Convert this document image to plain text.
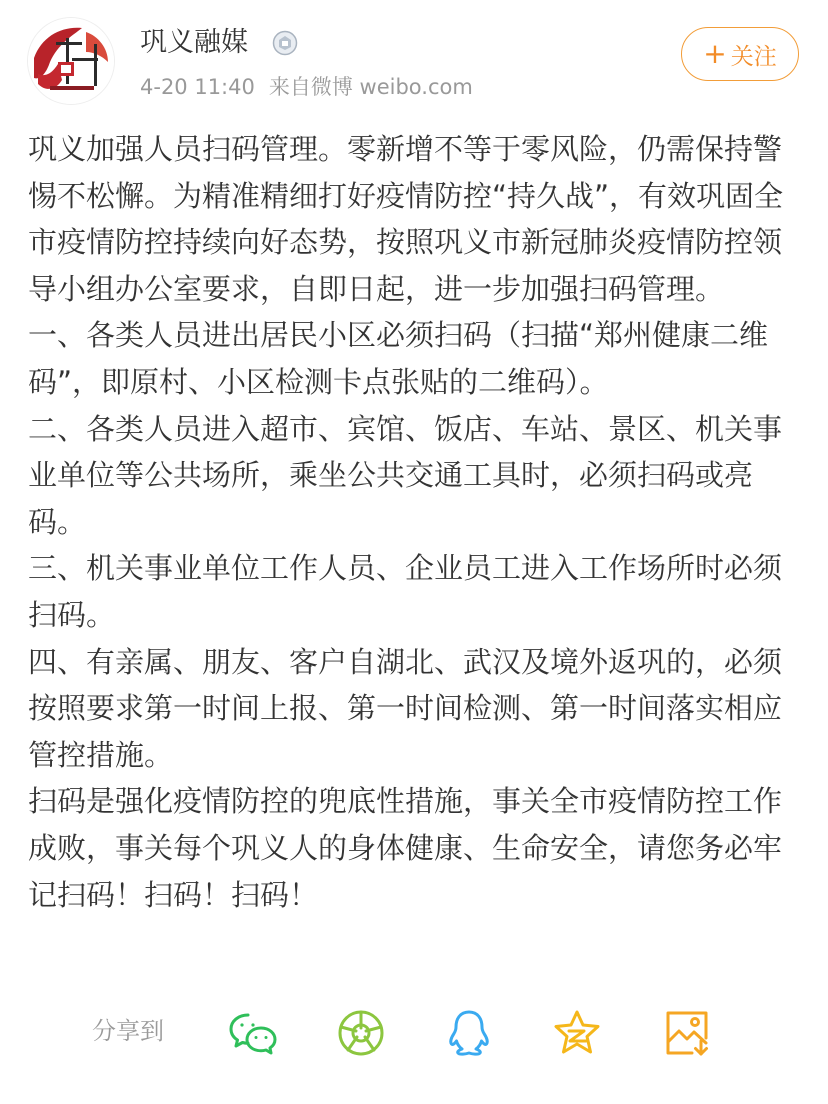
巩义融媒
4-20 11:40 来自微博 weibo.com
+ 关注

巩义加强人员扫码管理。零新增不等于零风险，仍需保持警惕不松懈。为精准精细打好疫情防控“持久战”，有效巩固全市疫情防控持续向好态势，按照巩义市新冠肺炎疫情防控领导小组办公室要求，自即日起，进一步加强扫码管理。

一、各类人员进出居民小区必须扫码（扫描“郑州健康二维码”，即原村、小区检测卡点张贴的二维码）。

二、各类人员进入超市、宾馆、饭店、车站、景区、机关事业单位等公共场所，乘坐公共交通工具时，必须扫码或亮码。

三、机关事业单位工作人员、企业员工进入工作场所时必须扫码。

四、有亲属、朋友、客户自湖北、武汉及境外返巩的，必须按照要求第一时间上报、第一时间检测、第一时间落实相应管控措施。

扫码是强化疫情防控的兜底性措施，事关全市疫情防控工作成败，事关每个巩义人的身体健康、生命安全，请您务必牢记扫码！扫码！扫码！

分享到
